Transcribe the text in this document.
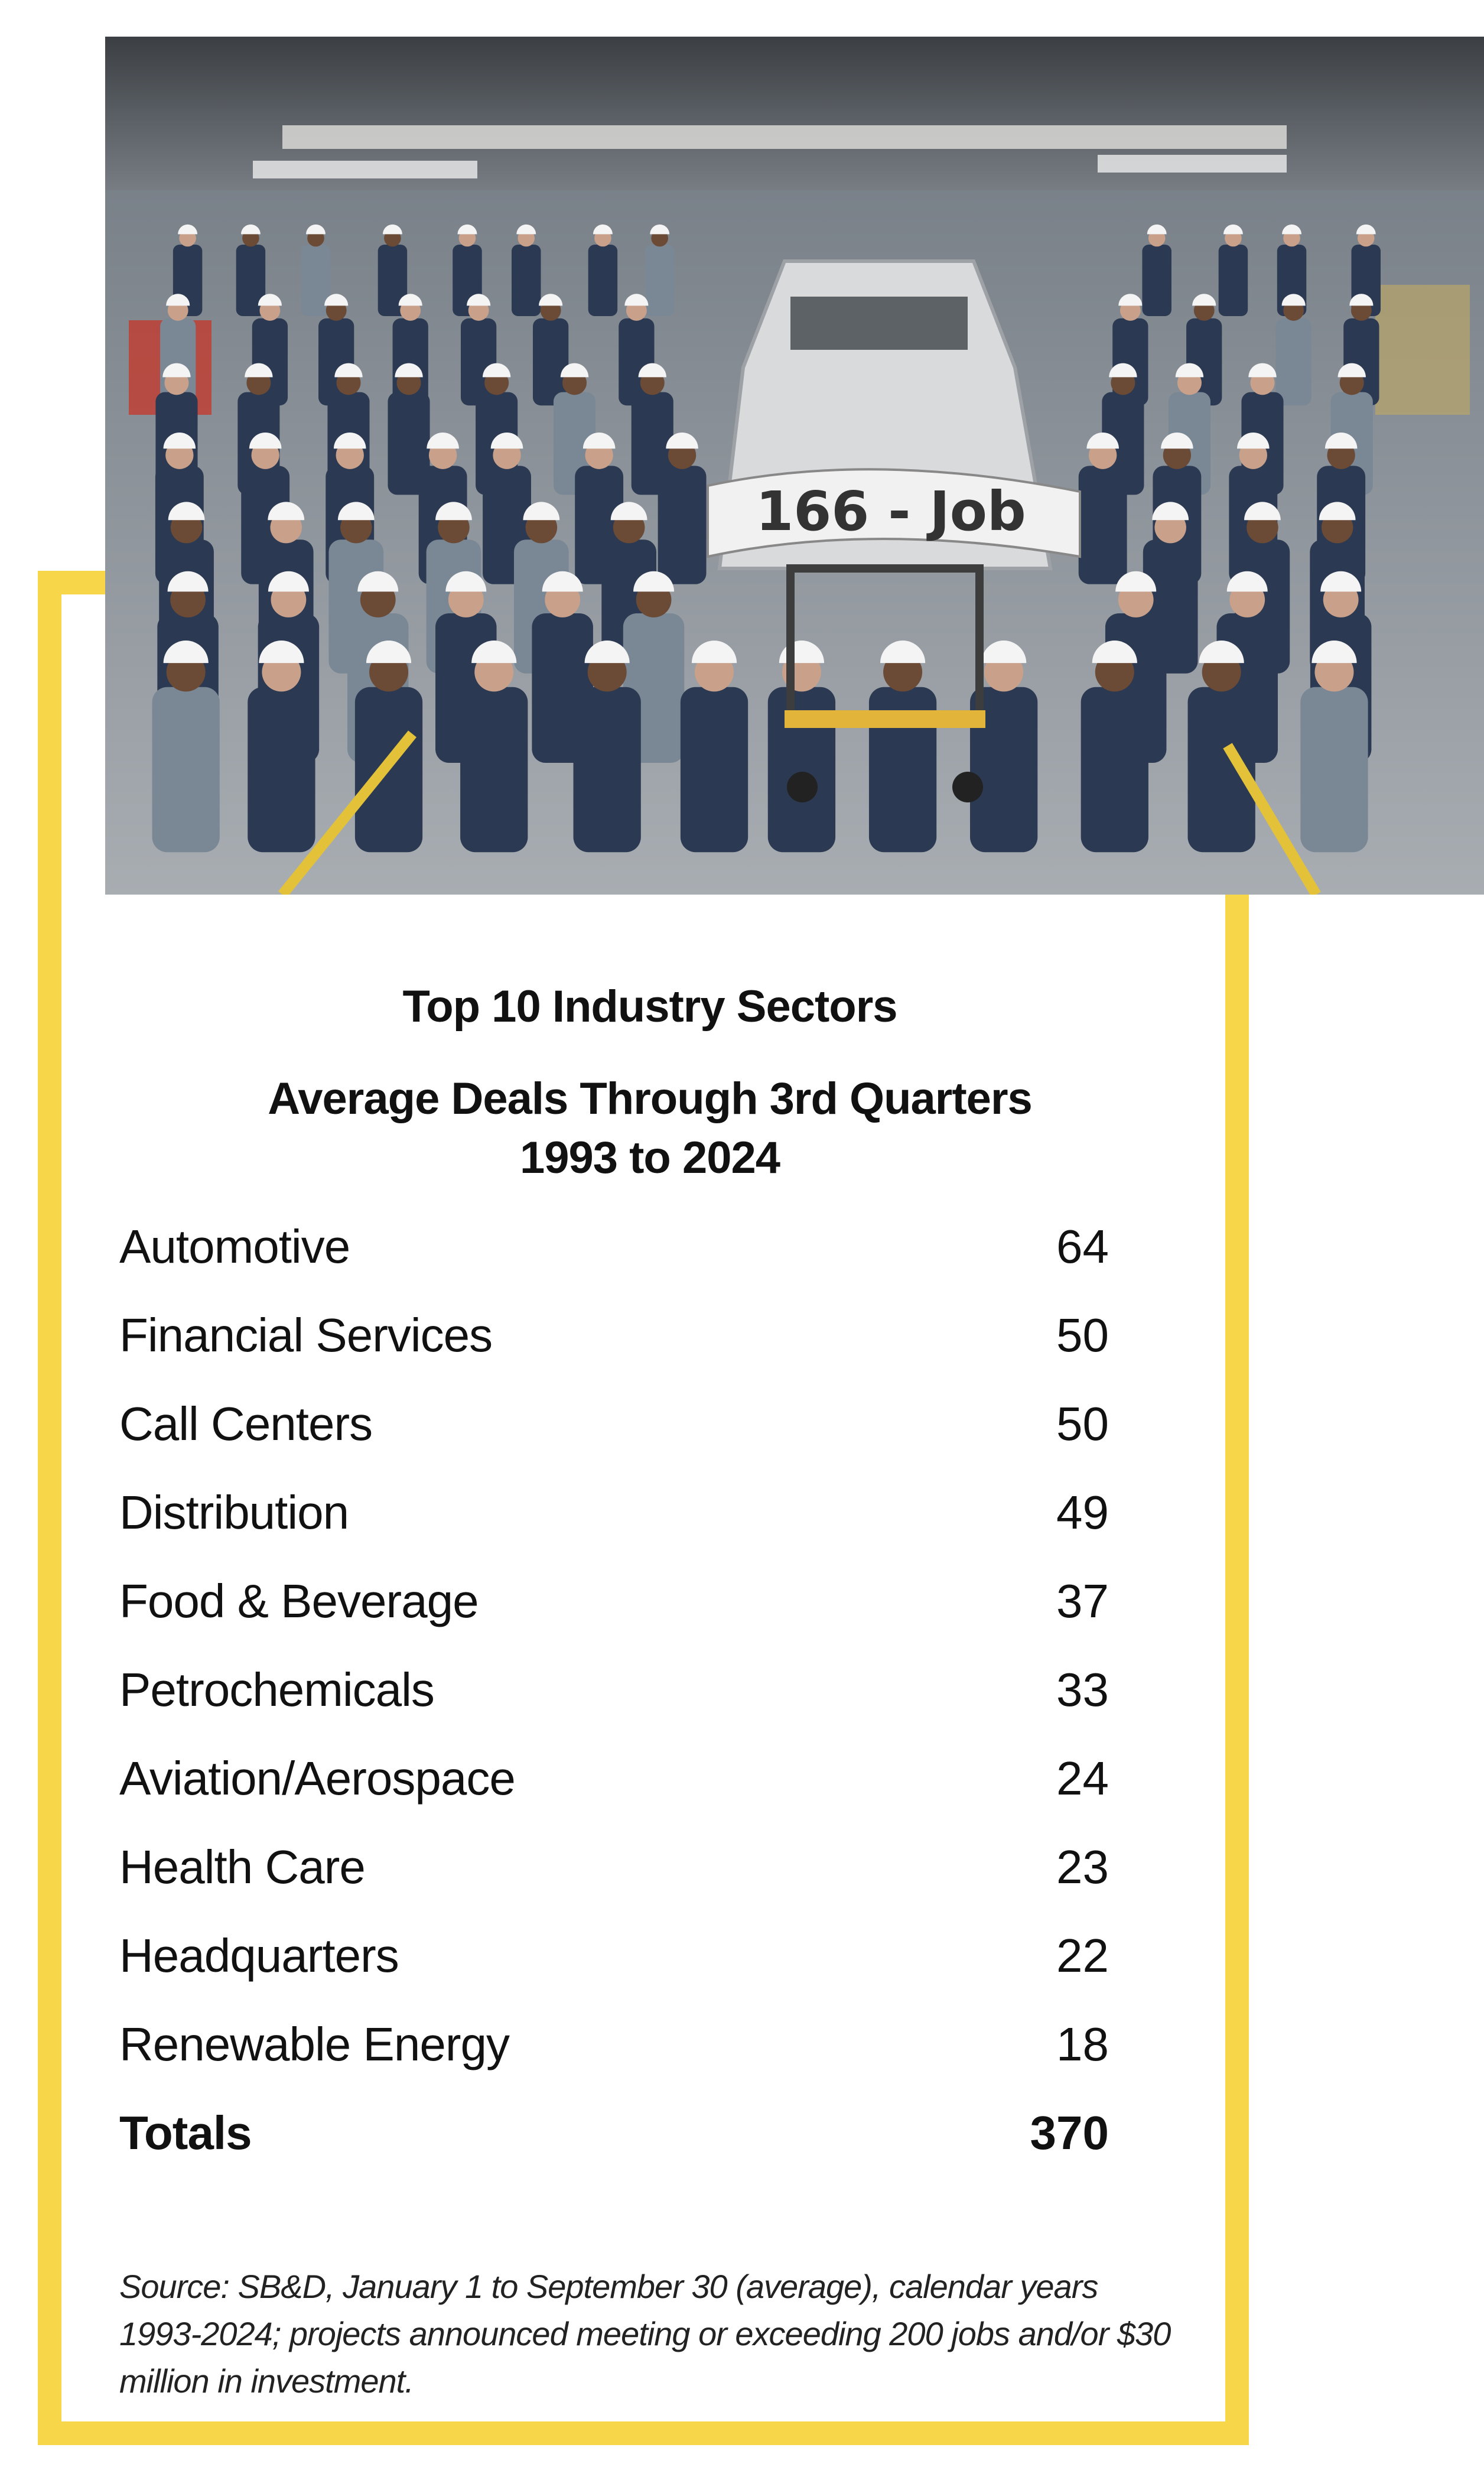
166 - Job
Top 10 Industry Sectors
Average Deals Through 3rd Quarters
1993 to 2024
Automotive	64
Financial Services	50
Call Centers	50
Distribution	49
Food & Beverage	37
Petrochemicals	33
Aviation/Aerospace	24
Health Care	23
Headquarters	22
Renewable Energy	18
Totals	370
Source: SB&D, January 1 to September 30 (average), calendar years 1993-2024; projects announced meeting or exceeding 200 jobs and/or $30 million in investment.
